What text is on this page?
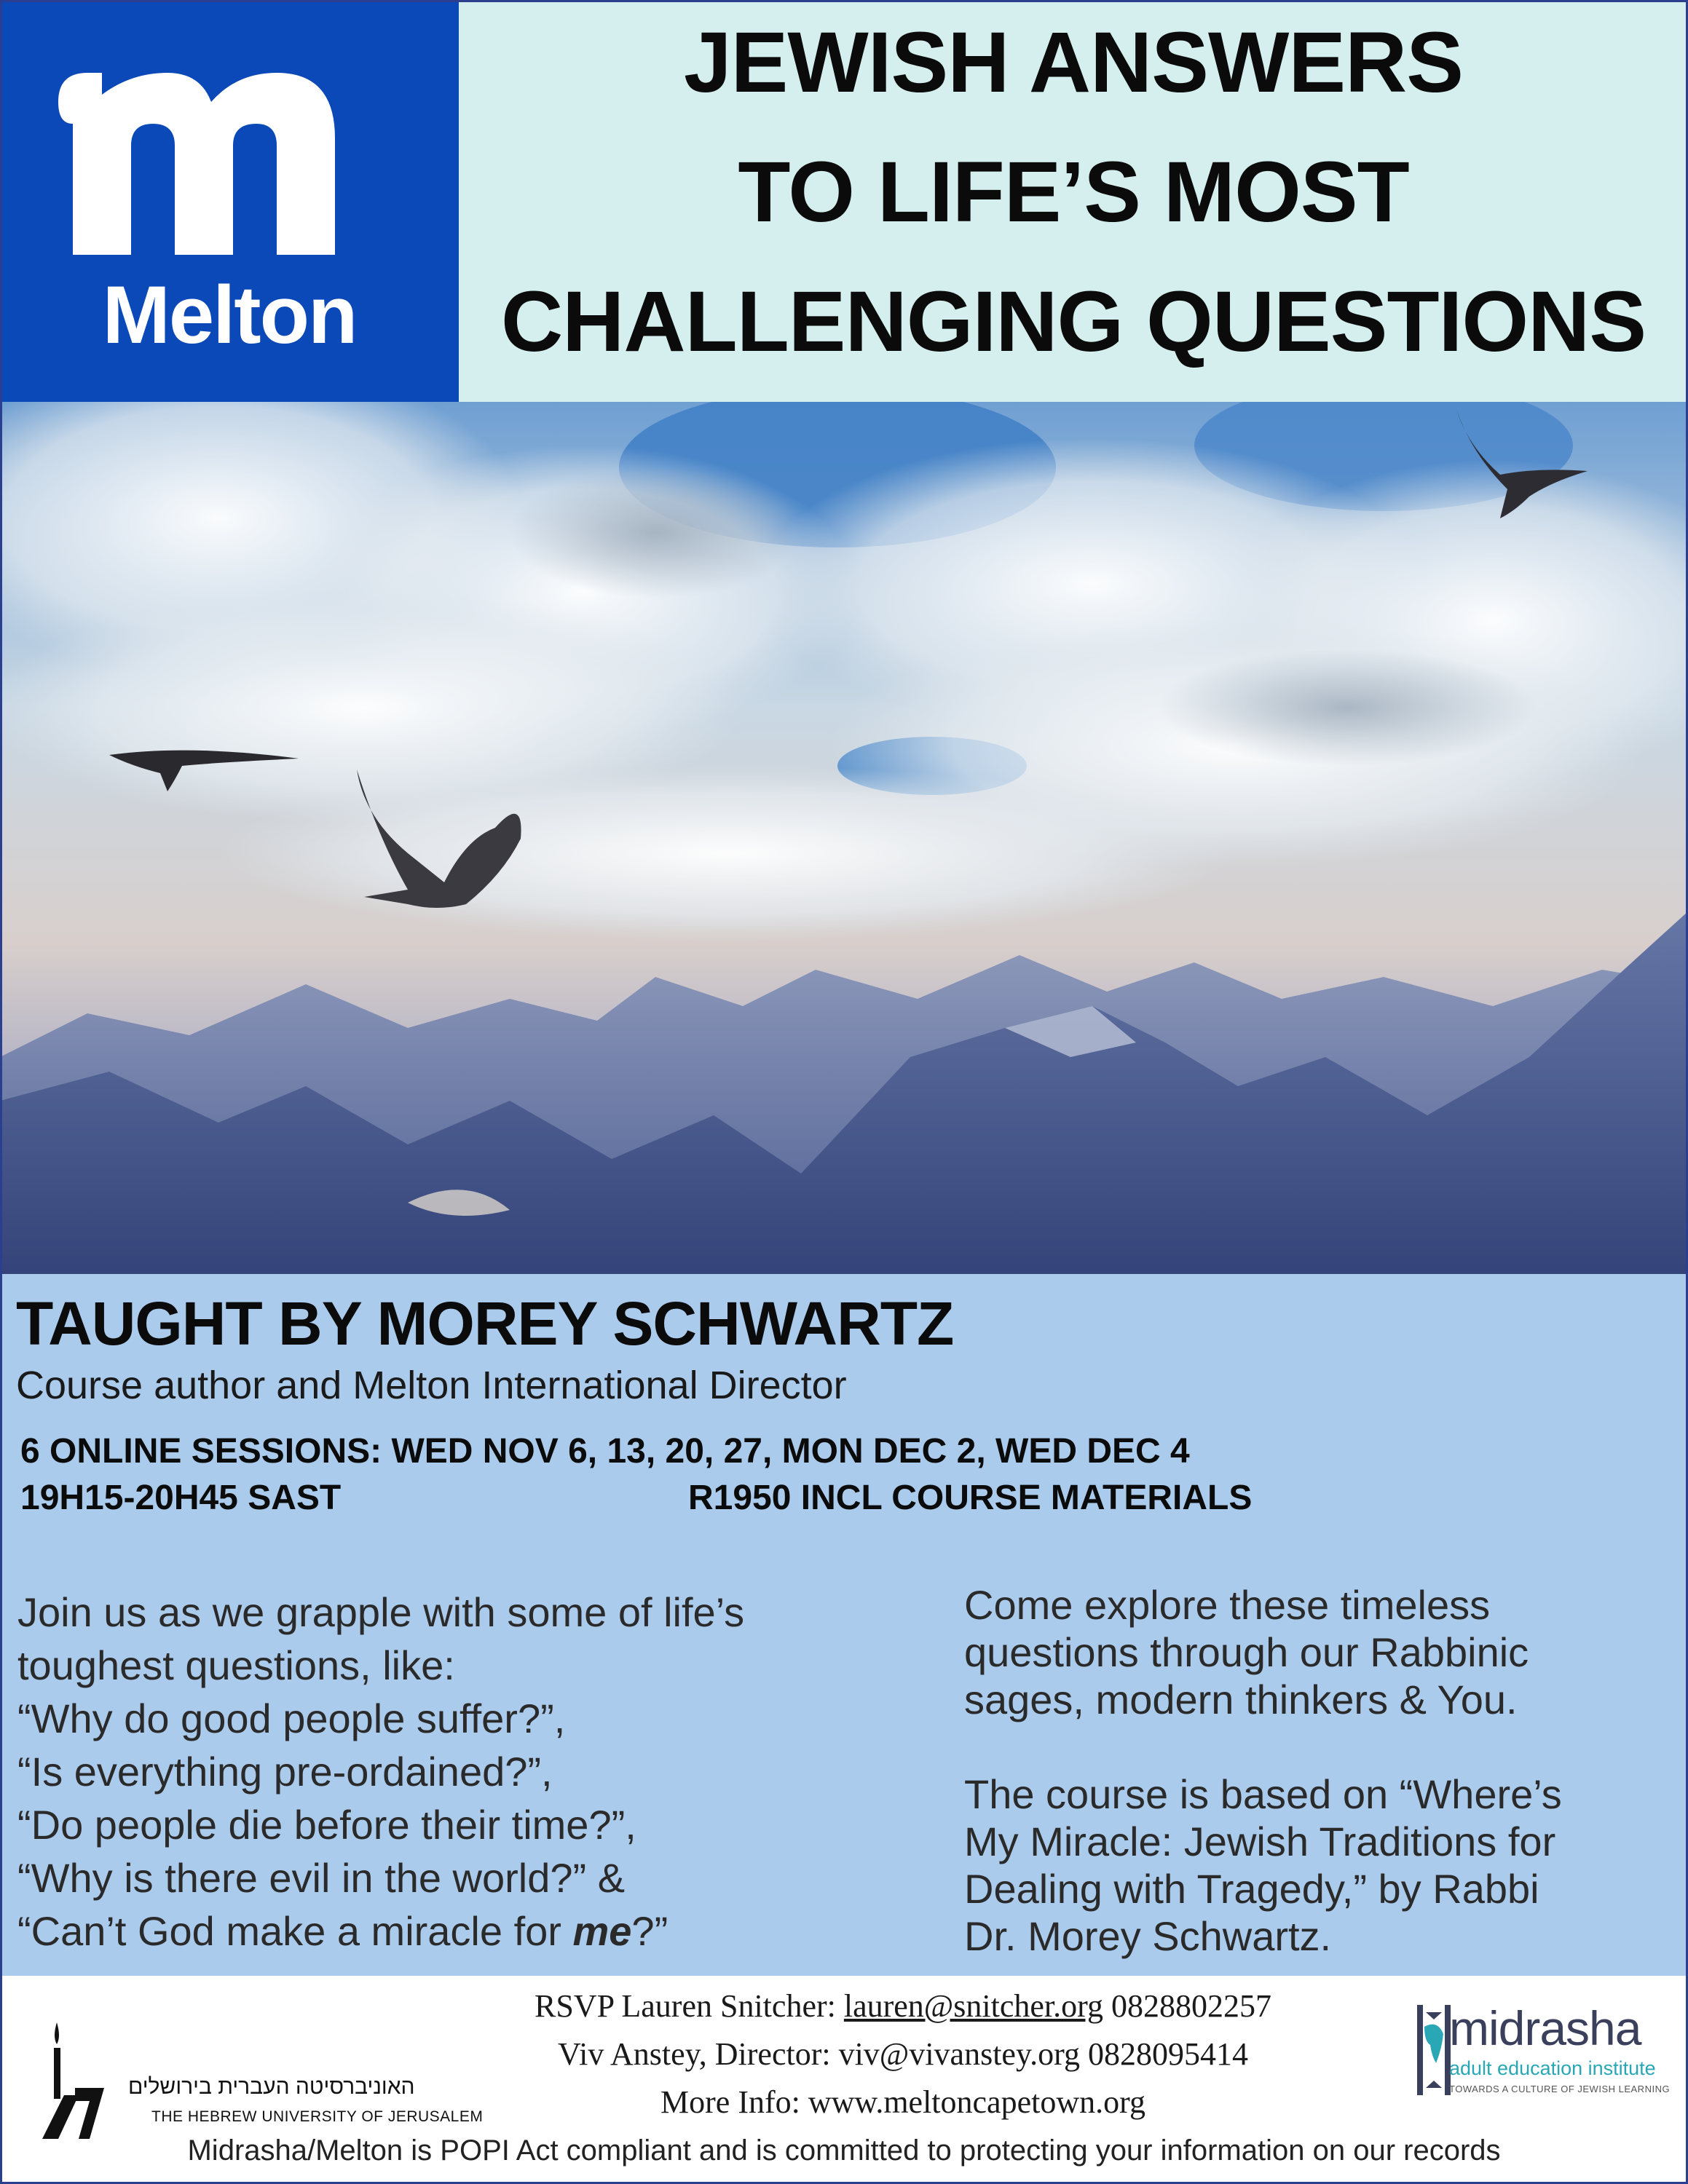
Melton
JEWISH ANSWERS
TO LIFE’S MOST
CHALLENGING QUESTIONS
TAUGHT BY MOREY SCHWARTZ
Course author and Melton International Director
6 ONLINE SESSIONS: WED NOV 6, 13, 20, 27, MON DEC 2, WED DEC 4
19H15-20H45 SAST	R1950 INCL COURSE MATERIALS
Join us as we grapple with some of life’s
toughest questions, like:
“Why do good people suffer?”,
“Is everything pre-ordained?”,
“Do people die before their time?”,
“Why is there evil in the world?” &
“Can’t God make a miracle for me?”
Come explore these timeless
questions through our Rabbinic
sages, modern thinkers & You.
The course is based on “Where’s
My Miracle: Jewish Traditions for
Dealing with Tragedy,” by Rabbi
Dr. Morey Schwartz.
האוניברסיטה העברית בירושלים
THE HEBREW UNIVERSITY OF JERUSALEM
RSVP Lauren Snitcher: lauren@snitcher.org 0828802257
Viv Anstey, Director: viv@vivanstey.org 0828095414
More Info: www.meltoncapetown.org
midrasha
adult education institute
TOWARDS A CULTURE OF JEWISH LEARNING
Midrasha/Melton is POPI Act compliant and is committed to protecting your information on our records
